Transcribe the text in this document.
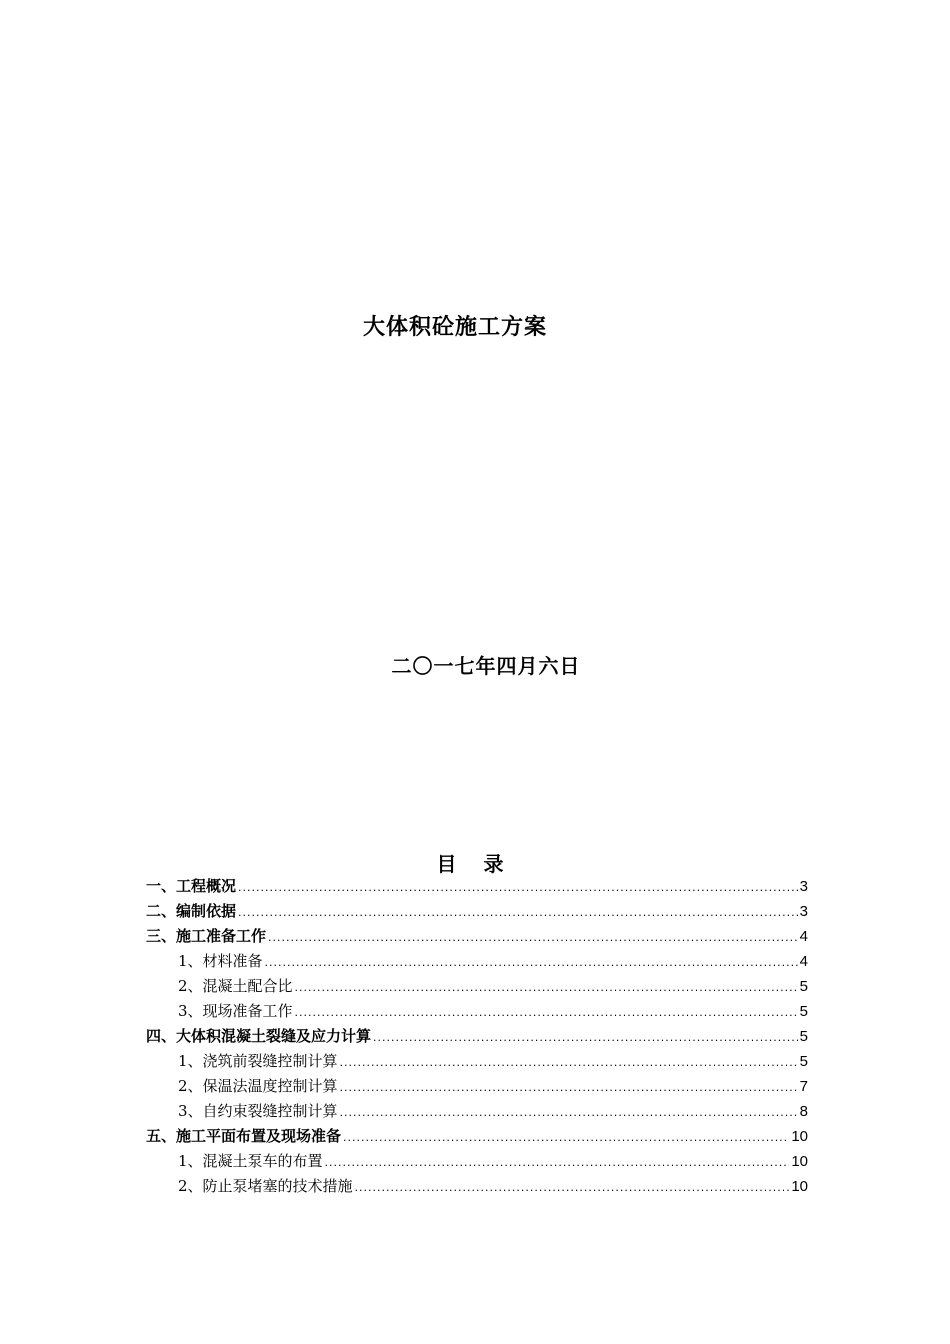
大体积砼施工方案
二〇一七年四月六日
目 录
一、工程概况 .....	3
二、编制依据 .....	3
三、施工准备工作 .....	4
1、材料准备 .....	4
2、混凝土配合比 .....	5
3、现场准备工作 .....	5
四、大体积混凝土裂缝及应力计算 .....	5
1、浇筑前裂缝控制计算 .....	5
2、保温法温度控制计算 .....	7
3、自约束裂缝控制计算 .....	8
五、施工平面布置及现场准备 .....	10
1、混凝土泵车的布置 .....	10
2、防止泵堵塞的技术措施 .....	10
